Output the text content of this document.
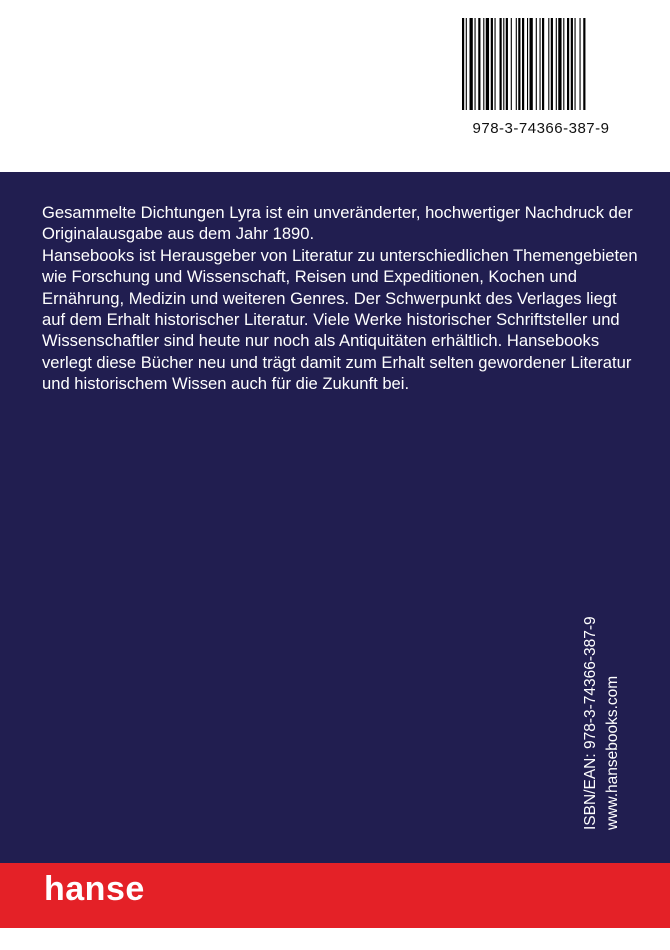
978-3-74366-387-9

Gesammelte Dichtungen Lyra ist ein unveränderter, hochwertiger Nachdruck der Originalausgabe aus dem Jahr 1890.

Hansebooks ist Herausgeber von Literatur zu unterschiedlichen Themengebieten wie Forschung und Wissenschaft, Reisen und Expeditionen, Kochen und Ernährung, Medizin und weiteren Genres. Der Schwerpunkt des Verlages liegt auf dem Erhalt historischer Literatur. Viele Werke historischer Schriftsteller und Wissenschaftler sind heute nur noch als Antiquitäten erhältlich. Hansebooks verlegt diese Bücher neu und trägt damit zum Erhalt selten gewordener Literatur und historischem Wissen auch für die Zukunft bei.

ISBN/EAN: 978-3-74366-387-9 www.hansebooks.com
hanse
